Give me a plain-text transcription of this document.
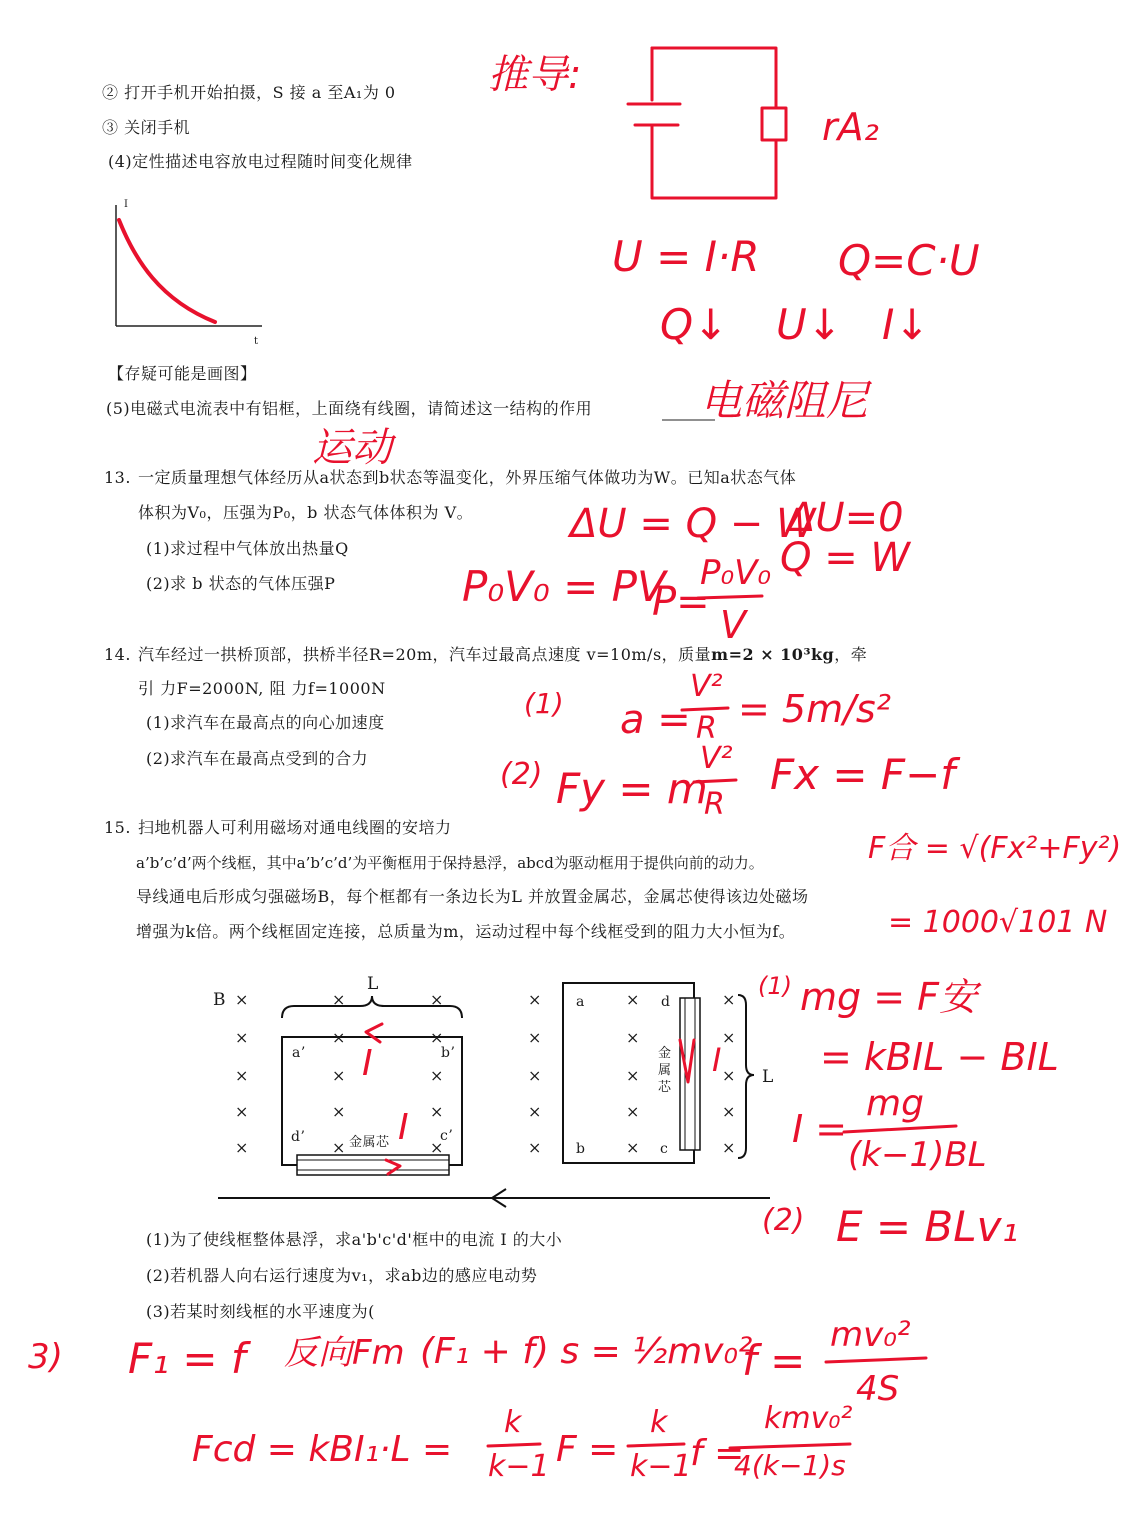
② 打开手机开始拍摄，S 接 a 至A₁为 0
③ 关闭手机
(4)定性描述电容放电过程随时间变化规律
I
t
【存疑可能是画图】
(5)电磁式电流表中有铝框，上面绕有线圈，请简述这一结构的作用
13. 一定质量理想气体经历从a状态到b状态等温变化，外界压缩气体做功为W。已知a状态气体
体积为V₀，压强为P₀，b 状态气体体积为 V。
(1)求过程中气体放出热量Q
(2)求 b 状态的气体压强P
14. 汽车经过一拱桥顶部，拱桥半径R=20m，汽车过最高点速度 v=10m/s，质量m=2 × 10³kg，牵
引 力F=2000N, 阻 力f=1000N
(1)求汽车在最高点的向心加速度
(2)求汽车在最高点受到的合力
15. 扫地机器人可利用磁场对通电线圈的安培力
a’b’c’d’两个线框，其中a’b’c’d’为平衡框用于保持悬浮，abcd为驱动框用于提供向前的动力。
导线通电后形成匀强磁场B，每个框都有一条边长为L 并放置金属芯，金属芯使得该边处磁场
增强为k倍。两个线框固定连接，总质量为m，运动过程中每个线框受到的阻力大小恒为f。
B
L
L
×	×	×
×	×	×
×	×	×
×	×	×
×	×	×
×	×	×
×	×	×
×	×	×
×	×	×
×	×	×
a’	b’
d’	c’
金属芯
a	d
b	c
金属芯
(1)为了使线框整体悬浮，求a'b'c'd'框中的电流 I 的大小
(2)若机器人向右运行速度为v₁，求ab边的感应电动势
(3)若某时刻线框的水平速度为(
推导:
rA₂
U = I·R Q=C·U
Q↓ U↓ I↓
电磁阻尼
运动
ΔU = Q − W
ΔU=0
Q = W
P₀V₀ = PV
P=
P₀V₀
V
(1) a =
V²
R = 5m/s²
(2) Fy = m
V²
R
Fx = F−f
F合 = √(Fx²+Fy²)
= 1000√101 N
(1) mg = F安
= kBIL − BIL
I =
mg
(k−1)BL
(2) E = BLv₁
I
I
I
3) F₁ = f 反向Fm (F₁ + f) s = ½mv₀²
f =
mv₀²
4S
Fcd = kBI₁·L =
k
k−1 F =
k
k−1
f =
kmv₀²
4(k−1)s
